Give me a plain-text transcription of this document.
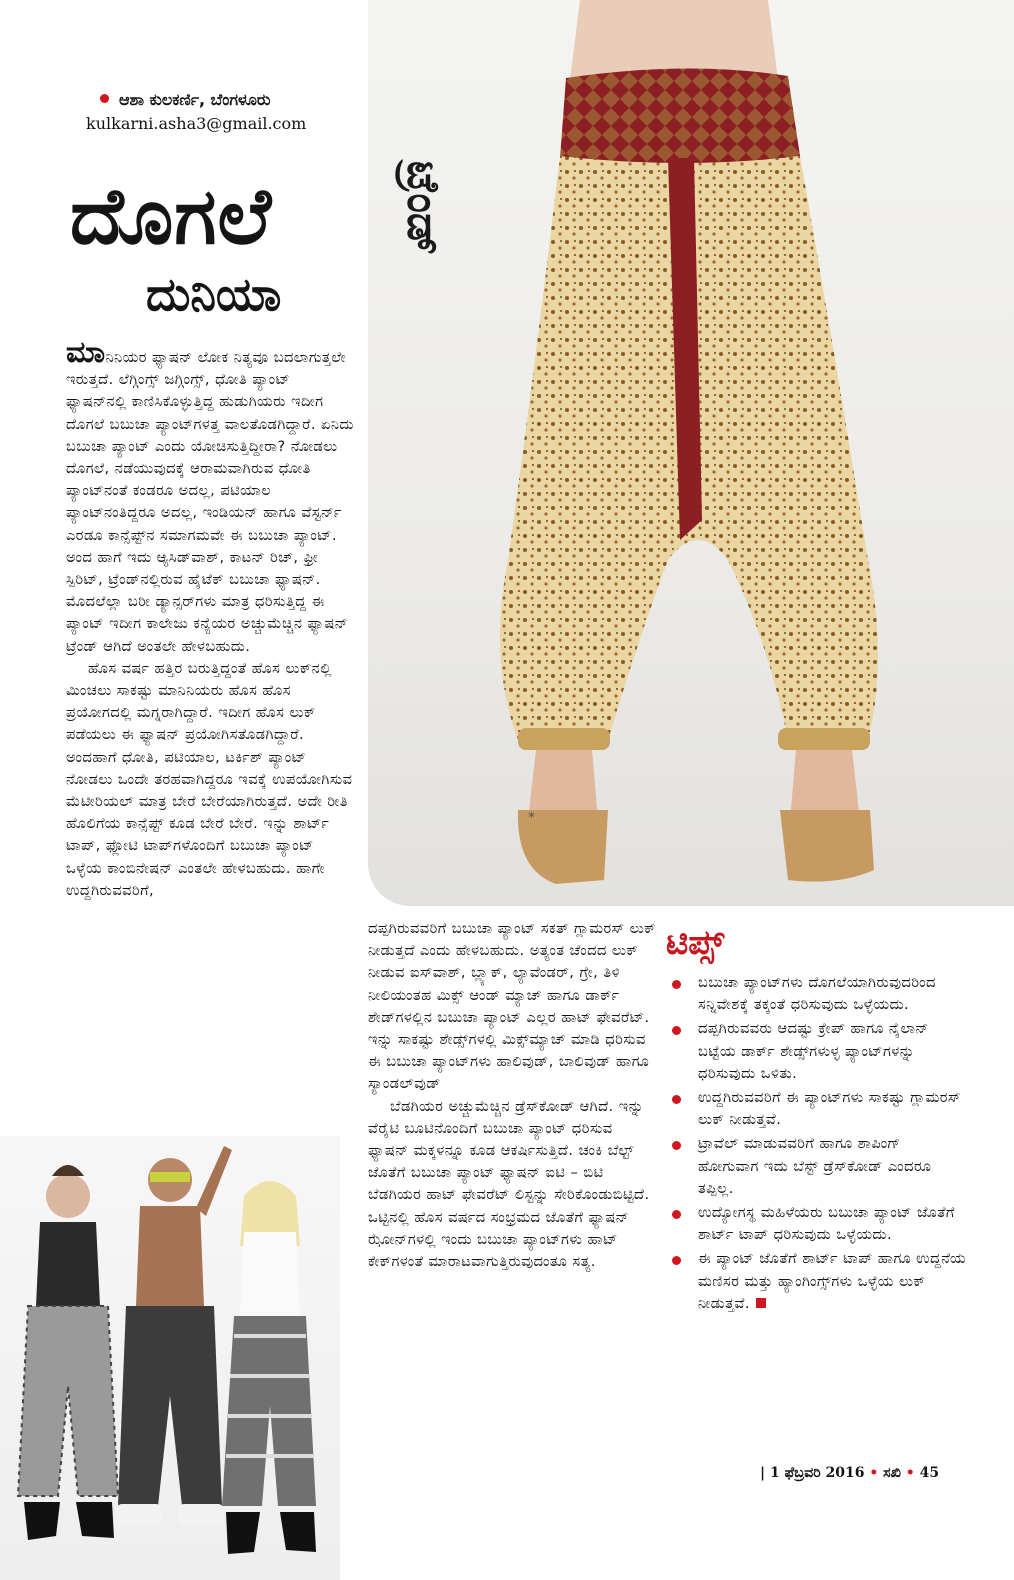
ಆಶಾ ಕುಲಕರ್ಣಿ, ಬೆಂಗಳೂರು
kulkarni.asha3@gmail.com
ದೊಗಲೆ
ದುನಿಯಾ
*
ಟ್ರೆಂಡ್

ಮಾನಿನಿಯರ ಫ್ಯಾಷನ್ ಲೋಕ ನಿತ್ಯವೂ ಬದಲಾಗುತ್ತಲೇ ಇರುತ್ತದೆ. ಲೆಗ್ಗಿಂಗ್ಸ್ ಜಗ್ಗಿಂಗ್ಸ್, ಧೋತಿ ಪ್ಯಾಂಟ್ ಫ್ಯಾಷನ್‌ನಲ್ಲಿ ಕಾಣಿಸಿಕೊಳ್ಳುತ್ತಿದ್ದ ಹುಡುಗಿಯರು ಇದೀಗ ದೊಗಲೆ ಬಬುಚಾ ಪ್ಯಾಂಟ್‌ಗಳತ್ತ ವಾಲತೊಡಗಿದ್ದಾರೆ. ಏನಿದು ಬಬುಚಾ ಪ್ಯಾಂಟ್ ಎಂದು ಯೋಚಿಸುತ್ತಿದ್ದೀರಾ? ನೋಡಲು ದೊಗಲೆ, ನಡೆಯುವುದಕ್ಕೆ ಆರಾಮವಾಗಿರುವ ಧೋತಿ ಪ್ಯಾಂಟ್‌ನಂತೆ ಕಂಡರೂ ಅದಲ್ಲ, ಪಟಿಯಾಲ ಪ್ಯಾಂಟ್‌ನಂತಿದ್ದರೂ ಅದಲ್ಲ, ಇಂಡಿಯನ್ ಹಾಗೂ ವೆಸ್ಟರ್ನ್ ಎರಡೂ ಕಾನ್ಸೆಪ್ಟ್‌ನ ಸಮಾಗಮವೇ ಈ ಬಬುಚಾ ಪ್ಯಾಂಟ್. ಅಂದ ಹಾಗೆ ಇದು ಆ್ಯಸಿಡ್‌ವಾಶ್, ಕಾಟನ್ ರಿಚ್, ಫ್ರೀ ಸ್ಪಿರಿಟ್, ಟ್ರೆಂಡ್‌ನಲ್ಲಿರುವ ಹೈಟೆಕ್ ಬಬುಚಾ ಫ್ಯಾಷನ್. ಮೊದಲೆಲ್ಲಾ ಬರೀ ಡ್ಯಾನ್ಸರ್‌ಗಳು ಮಾತ್ರ ಧರಿಸುತ್ತಿದ್ದ ಈ ಪ್ಯಾಂಟ್ ಇದೀಗ ಕಾಲೇಜು ಕನ್ಯೆಯರ ಅಚ್ಚುಮೆಚ್ಚಿನ ಫ್ಯಾಷನ್ ಟ್ರೆಂಡ್ ಆಗಿದೆ ಅಂತಲೇ ಹೇಳಬಹುದು.

ಹೊಸ ವರ್ಷ ಹತ್ತಿರ ಬರುತ್ತಿದ್ದಂತೆ ಹೊಸ ಲುಕ್‌ನಲ್ಲಿ ಮಿಂಚಲು ಸಾಕಷ್ಟು ಮಾನಿನಿಯರು ಹೊಸ ಹೊಸ ಪ್ರಯೋಗದಲ್ಲಿ ಮಗ್ನರಾಗಿದ್ದಾರೆ. ಇದೀಗ ಹೊಸ ಲುಕ್ ಪಡೆಯಲು ಈ ಫ್ಯಾಷನ್ ಪ್ರಯೋಗಿಸತೊಡಗಿದ್ದಾರೆ. ಅಂದಹಾಗೆ ಧೋತಿ, ಪಟಿಯಾಲ, ಟರ್ಕಿಶ್ ಪ್ಯಾಂಟ್ ನೋಡಲು ಒಂದೇ ತರಹವಾಗಿದ್ದರೂ ಇವಕ್ಕೆ ಉಪಯೋಗಿಸುವ ಮೆಟೀರಿಯಲ್ ಮಾತ್ರ ಬೇರೆ ಬೇರೆಯಾಗಿರುತ್ತದೆ. ಅದೇ ರೀತಿ ಹೊಲಿಗೆಯ ಕಾನ್ಸೆಪ್ಟ್ ಕೂಡ ಬೇರೆ ಬೇರೆ. ಇನ್ನು ಶಾರ್ಟ್ ಟಾಪ್, ಫ್ಲೋಟಿ ಟಾಪ್‌ಗಳೊಂದಿಗೆ ಬಬುಚಾ ಪ್ಯಾಂಟ್ ಒಳ್ಳೆಯ ಕಾಂಬಿನೇಷನ್ ಎಂತಲೇ ಹೇಳಬಹುದು. ಹಾಗೇ ಉದ್ದಗಿರುವವರಿಗೆ,

ದಪ್ಪಗಿರುವವರಿಗೆ ಬಬುಚಾ ಪ್ಯಾಂಟ್ ಸಕತ್ ಗ್ಲಾಮರಸ್ ಲುಕ್ ನೀಡುತ್ತದೆ ಎಂದು ಹೇಳಬಹುದು. ಅತ್ಯಂತ ಚೆಂದದ ಲುಕ್ ನೀಡುವ ಐಸ್‌ವಾಶ್, ಬ್ಲ್ಯಾಕ್, ಲ್ಯಾವೆಂಡರ್, ಗ್ರೇ, ತಿಳಿ ನೀಲಿಯಂತಹ ಮಿಕ್ಸ್ ಆಂಡ್ ಮ್ಯಾಚ್ ಹಾಗೂ ಡಾರ್ಕ್ ಶೇಡ್‌ಗಳಲ್ಲಿನ ಬಬುಚಾ ಪ್ಯಾಂಟ್ ಎಲ್ಲರ ಹಾಟ್ ಫೇವರೆಟ್. ಇನ್ನು ಸಾಕಷ್ಟು ಶೇಡ್ಸ್‌ಗಳಲ್ಲಿ ಮಿಕ್ಸ್‌ಮ್ಯಾಚ್ ಮಾಡಿ ಧರಿಸುವ ಈ ಬಬುಚಾ ಪ್ಯಾಂಟ್‌ಗಳು ಹಾಲಿವುಡ್, ಬಾಲಿವುಡ್ ಹಾಗೂ ಸ್ಯಾಂಡಲ್‌ವುಡ್

ಬೆಡಗಿಯರ ಅಚ್ಚುಮೆಚ್ಚಿನ ಡ್ರೆಸ್‌ಕೋಡ್ ಆಗಿದೆ. ಇನ್ನು ವೆರೈಟಿ ಬೂಟಿನೊಂದಿಗೆ ಬಬುಚಾ ಪ್ಯಾಂಟ್ ಧರಿಸುವ ಫ್ಯಾಷನ್ ಮಕ್ಕಳನ್ನೂ ಕೂಡ ಆಕರ್ಷಿಸುತ್ತಿದೆ. ಚಂಕಿ ಬೆಲ್ಟ್ ಜೊತೆಗೆ ಬಬುಚಾ ಪ್ಯಾಂಟ್ ಫ್ಯಾಷನ್ ಐಟಿ – ಬಿಟಿ ಬೆಡಗಿಯರ ಹಾಟ್ ಫೇವರೆಟ್ ಲಿಸ್ಟನ್ನು ಸೇರಿಕೊಂಡುಬಿಟ್ಟಿದೆ. ಒಟ್ಟಿನಲ್ಲಿ ಹೊಸ ವರ್ಷದ ಸಂಭ್ರಮದ ಜೊತೆಗೆ ಫ್ಯಾಷನ್ ಝೋನ್‌ಗಳಲ್ಲಿ ಇಂದು ಬಬುಚಾ ಪ್ಯಾಂಟ್‌ಗಳು ಹಾಟ್ ಕೇಕ್‌ಗಳಂತೆ ಮಾರಾಟವಾಗುತ್ತಿರುವುದಂತೂ ಸತ್ಯ.

ಟಿಪ್ಸ್
ಬಬುಚಾ ಪ್ಯಾಂಟ್‌ಗಳು ದೊಗಲೆಯಾಗಿರುವುದರಿಂದ ಸನ್ನಿವೇಶಕ್ಕೆ ತಕ್ಕಂತೆ ಧರಿಸುವುದು ಒಳ್ಳೆಯದು.
ದಪ್ಪಗಿರುವವರು ಆದಷ್ಟು ಕ್ರೇಪ್ ಹಾಗೂ ನೈಲಾನ್ ಬಟ್ಟೆಯ ಡಾರ್ಕ್ ಶೇಡ್ಸ್‌ಗಳುಳ್ಳ ಪ್ಯಾಂಟ್‌ಗಳನ್ನು ಧರಿಸುವುದು ಒಳಿತು.
ಉದ್ದಗಿರುವವರಿಗೆ ಈ ಪ್ಯಾಂಟ್‌ಗಳು ಸಾಕಷ್ಟು ಗ್ಲಾಮರಸ್ ಲುಕ್ ನೀಡುತ್ತವೆ.
ಟ್ರಾವೆಲ್ ಮಾಡುವವರಿಗೆ ಹಾಗೂ ಶಾಪಿಂಗ್ ಹೋಗುವಾಗ ಇದು ಬೆಸ್ಟ್ ಡ್ರೆಸ್‌ಕೋಡ್ ಎಂದರೂ ತಪ್ಪಿಲ್ಲ.
ಉದ್ಯೋಗಸ್ಥ ಮಹಿಳೆಯರು ಬಬುಚಾ ಪ್ಯಾಂಟ್ ಜೊತೆಗೆ ಶಾರ್ಟ್ ಟಾಪ್ ಧರಿಸುವುದು ಒಳ್ಳೆಯದು.
ಈ ಪ್ಯಾಂಟ್ ಜೊತೆಗೆ ಶಾರ್ಟ್ ಟಾಪ್ ಹಾಗೂ ಉದ್ದನೆಯ ಮಣಿಸರ ಮತ್ತು ಹ್ಯಾಂಗಿಂಗ್ಸ್‌ಗಳು ಒಳ್ಳೆಯ ಲುಕ್ ನೀಡುತ್ತವೆ.
| 1 ಫೆಬ್ರವರಿ 2016 • ಸಖಿ • 45
